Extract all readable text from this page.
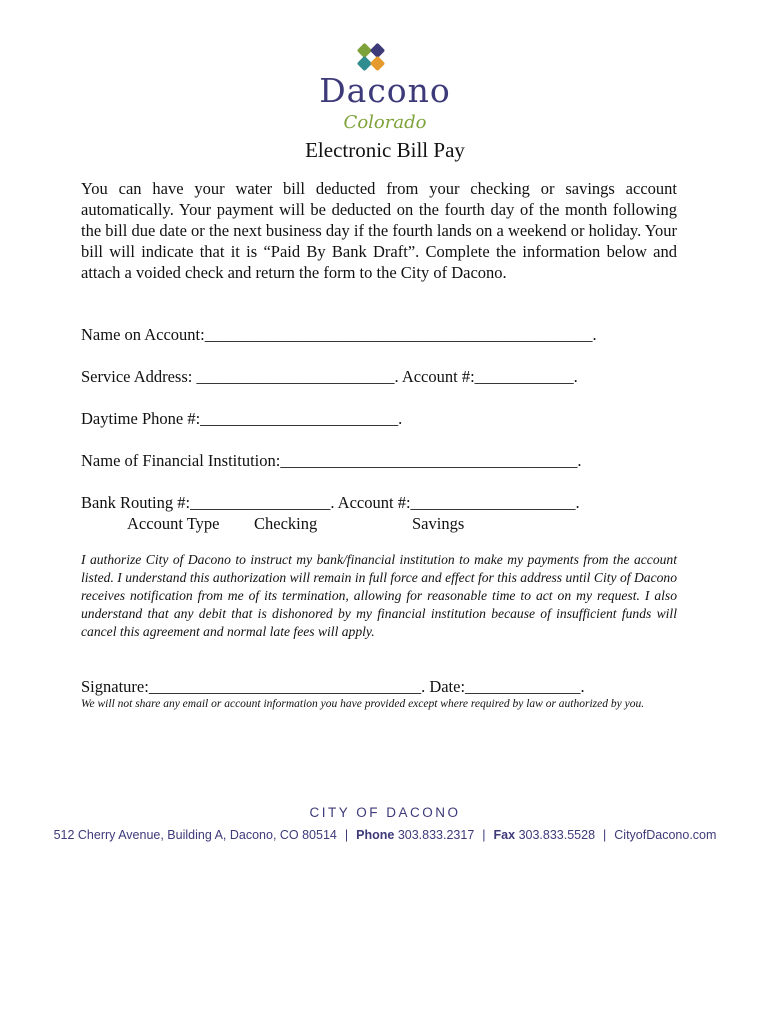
Dacono
Colorado
Electronic Bill Pay
You can have your water bill deducted from your checking or savings account automatically. Your payment will be deducted on the fourth day of the month following the bill due date or the next business day if the fourth lands on a weekend or holiday. Your bill will indicate that it is “Paid By Bank Draft”. Complete the information below and attach a voided check and return the form to the City of Dacono.
Name on Account:_______________________________________________.
Service Address: ________________________. Account #:____________.
Daytime Phone #:________________________.
Name of Financial Institution:____________________________________.
Bank Routing #:_________________. Account #:____________________.
Account Type Checking	Savings
I authorize City of Dacono to instruct my bank/financial institution to make my payments from the account listed. I understand this authorization will remain in full force and effect for this address until City of Dacono receives notification from me of its termination, allowing for reasonable time to act on my request. I also understand that any debit that is dishonored by my financial institution because of insufficient funds will cancel this agreement and normal late fees will apply.
Signature:_________________________________. Date:______________.
We will not share any email or account information you have provided except where required by law or authorized by you.
CITY OF DACONO
512 Cherry Avenue, Building A, Dacono, CO 80514 | Phone 303.833.2317 | Fax 303.833.5528 | CityofDacono.com
